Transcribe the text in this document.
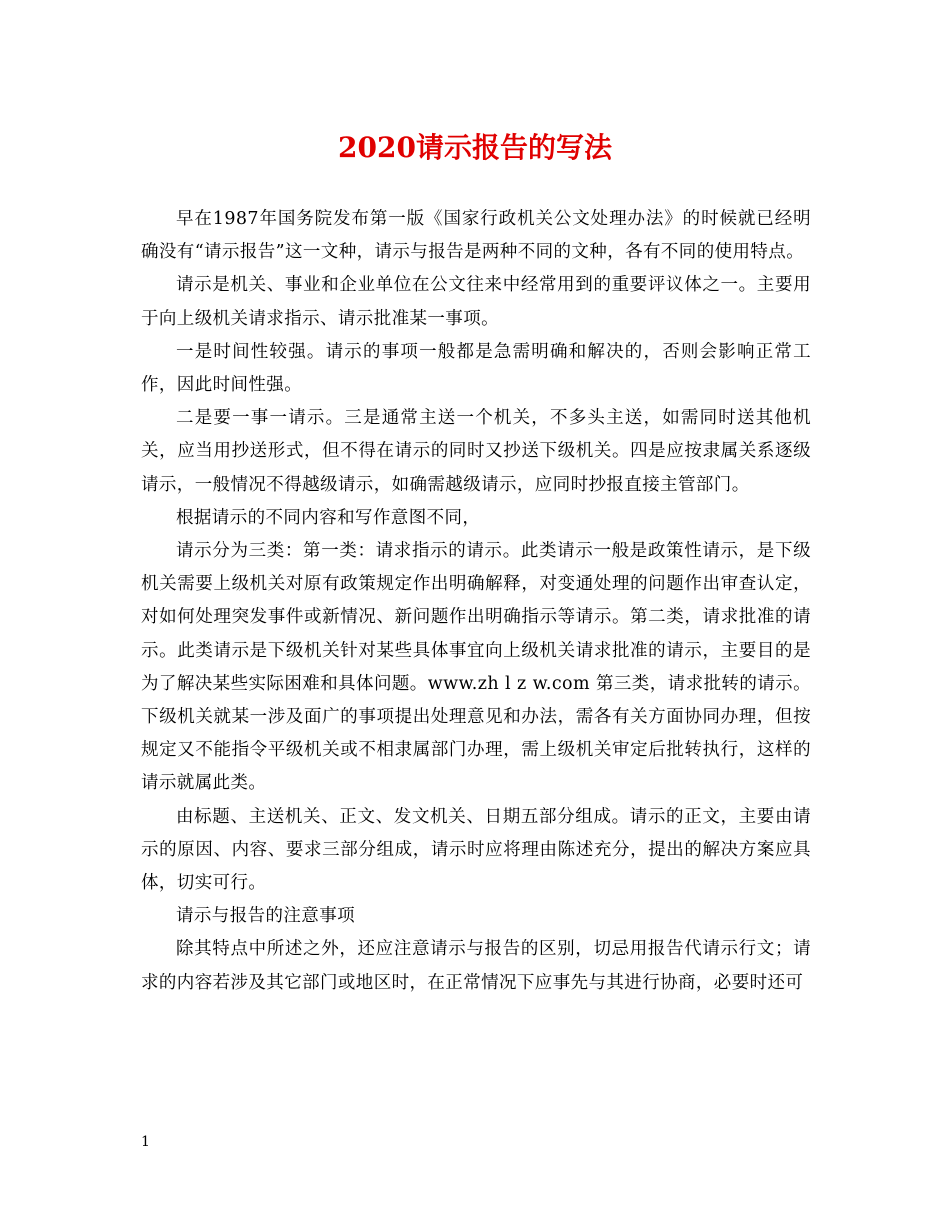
2020请示报告的写法

早在1987年国务院发布第一版《国家行政机关公文处理办法》的时候就已经明确没有“请示报告”这一文种，请示与报告是两种不同的文种，各有不同的使用特点。

请示是机关、事业和企业单位在公文往来中经常用到的重要评议体之一。主要用于向上级机关请求指示、请示批准某一事项。

一是时间性较强。请示的事项一般都是急需明确和解决的，否则会影响正常工作，因此时间性强。

二是要一事一请示。三是通常主送一个机关，不多头主送，如需同时送其他机关，应当用抄送形式，但不得在请示的同时又抄送下级机关。四是应按隶属关系逐级请示，一般情况不得越级请示，如确需越级请示，应同时抄报直接主管部门。

根据请示的不同内容和写作意图不同，

请示分为三类：第一类：请求指示的请示。此类请示一般是政策性请示，是下级机关需要上级机关对原有政策规定作出明确解释，对变通处理的问题作出审查认定，对如何处理突发事件或新情况、新问题作出明确指示等请示。第二类，请求批准的请示。此类请示是下级机关针对某些具体事宜向上级机关请求批准的请示，主要目的是为了解决某些实际困难和具体问题。www.zh l z w.com 第三类，请求批转的请示。下级机关就某一涉及面广的事项提出处理意见和办法，需各有关方面协同办理，但按规定又不能指令平级机关或不相隶属部门办理，需上级机关审定后批转执行，这样的请示就属此类。

由标题、主送机关、正文、发文机关、日期五部分组成。请示的正文，主要由请示的原因、内容、要求三部分组成，请示时应将理由陈述充分，提出的解决方案应具体，切实可行。

请示与报告的注意事项

除其特点中所述之外，还应注意请示与报告的区别，切忌用报告代请示行文；请求的内容若涉及其它部门或地区时，在正常情况下应事先与其进行协商，必要时还可

1
